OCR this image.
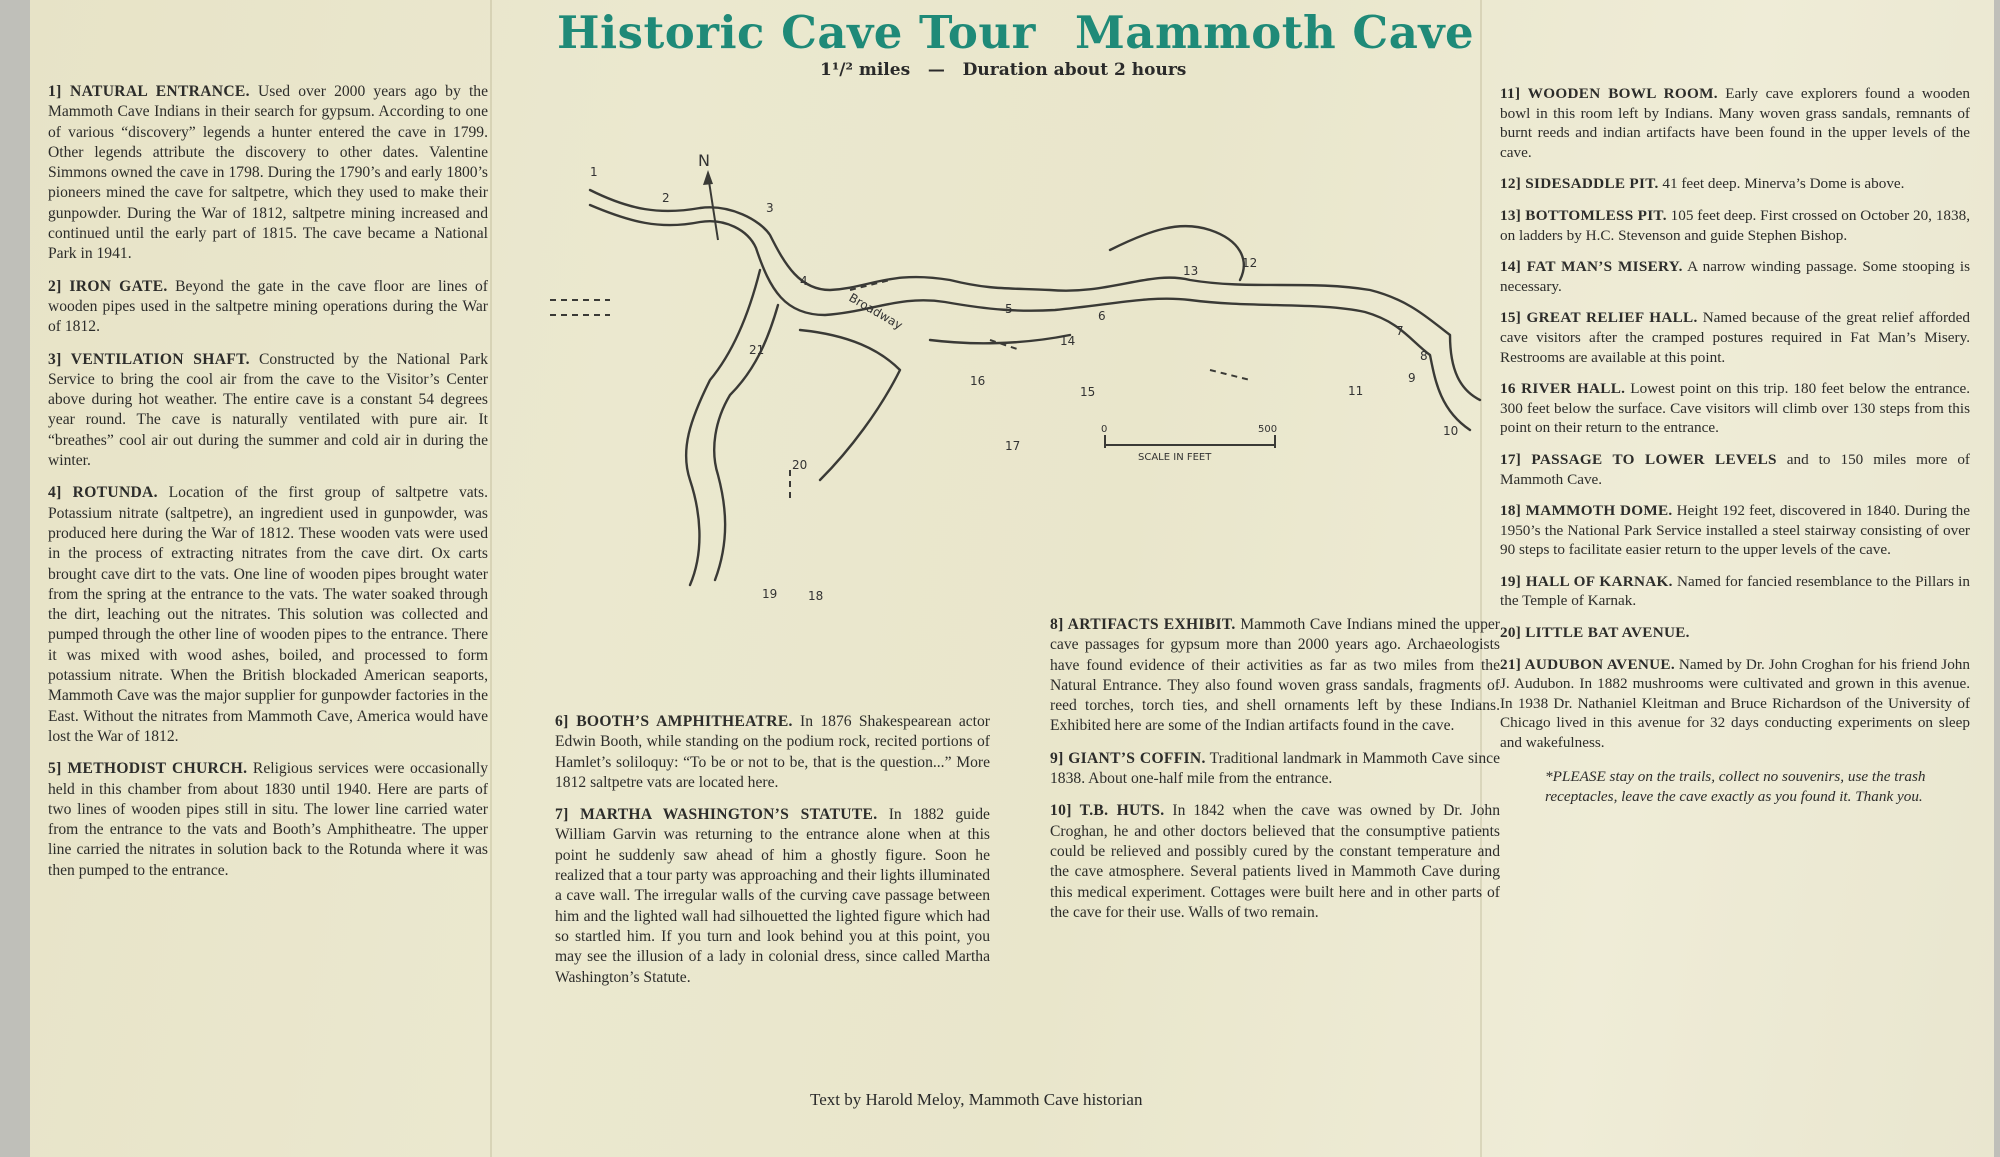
Historic Cave Tour Mammoth Cave
1¹/² miles — Duration about 2 hours

1] NATURAL ENTRANCE. Used over 2000 years ago by the Mammoth Cave Indians in their search for gypsum. According to one of various “discovery” legends a hunter entered the cave in 1799. Other legends attribute the discovery to other dates. Valentine Simmons owned the cave in 1798. During the 1790’s and early 1800’s pioneers mined the cave for saltpetre, which they used to make their gunpowder. During the War of 1812, saltpetre mining increased and continued until the early part of 1815. The cave became a National Park in 1941.

2] IRON GATE. Beyond the gate in the cave floor are lines of wooden pipes used in the saltpetre mining operations during the War of 1812.

3] VENTILATION SHAFT. Constructed by the National Park Service to bring the cool air from the cave to the Visitor’s Center above during hot weather. The entire cave is a constant 54 degrees year round. The cave is naturally ventilated with pure air. It “breathes” cool air out during the summer and cold air in during the winter.

4] ROTUNDA. Location of the first group of saltpetre vats. Potassium nitrate (saltpetre), an ingredient used in gunpowder, was produced here during the War of 1812. These wooden vats were used in the process of extracting nitrates from the cave dirt. Ox carts brought cave dirt to the vats. One line of wooden pipes brought water from the spring at the entrance to the vats. The water soaked through the dirt, leaching out the nitrates. This solution was collected and pumped through the other line of wooden pipes to the entrance. There it was mixed with wood ashes, boiled, and processed to form potassium nitrate. When the British blockaded American seaports, Mammoth Cave was the major supplier for gunpowder factories in the East. Without the nitrates from Mammoth Cave, America would have lost the War of 1812.

5] METHODIST CHURCH. Religious services were occasionally held in this chamber from about 1830 until 1940. Here are parts of two lines of wooden pipes still in situ. The lower line carried water from the entrance to the vats and Booth’s Amphitheatre. The upper line carried the nitrates in solution back to the Rotunda where it was then pumped to the entrance.

6] BOOTH’S AMPHITHEATRE. In 1876 Shakespearean actor Edwin Booth, while standing on the podium rock, recited portions of Hamlet’s soliloquy: “To be or not to be, that is the question...” More 1812 saltpetre vats are located here.

7] MARTHA WASHINGTON’S STATUTE. In 1882 guide William Garvin was returning to the entrance alone when at this point he suddenly saw ahead of him a ghostly figure. Soon he realized that a tour party was approaching and their lights illuminated a cave wall. The irregular walls of the curving cave passage between him and the lighted wall had silhouetted the lighted figure which had so startled him. If you turn and look behind you at this point, you may see the illusion of a lady in colonial dress, since called Martha Washington’s Statute.

8] ARTIFACTS EXHIBIT. Mammoth Cave Indians mined the upper cave passages for gypsum more than 2000 years ago. Archaeologists have found evidence of their activities as far as two miles from the Natural Entrance. They also found woven grass sandals, fragments of reed torches, torch ties, and shell ornaments left by these Indians. Exhibited here are some of the Indian artifacts found in the cave.

9] GIANT’S COFFIN. Traditional landmark in Mammoth Cave since 1838. About one-half mile from the entrance.

10] T.B. HUTS. In 1842 when the cave was owned by Dr. John Croghan, he and other doctors believed that the consumptive patients could be relieved and possibly cured by the constant temperature and the cave atmosphere. Several patients lived in Mammoth Cave during this medical experiment. Cottages were built here and in other parts of the cave for their use. Walls of two remain.

11] WOODEN BOWL ROOM. Early cave explorers found a wooden bowl in this room left by Indians. Many woven grass sandals, remnants of burnt reeds and indian artifacts have been found in the upper levels of the cave.

12] SIDESADDLE PIT. 41 feet deep. Minerva’s Dome is above.

13] BOTTOMLESS PIT. 105 feet deep. First crossed on October 20, 1838, on ladders by H.C. Stevenson and guide Stephen Bishop.

14] FAT MAN’S MISERY. A narrow winding passage. Some stooping is necessary.

15] GREAT RELIEF HALL. Named because of the great relief afforded cave visitors after the cramped postures required in Fat Man’s Misery. Restrooms are available at this point.

16 RIVER HALL. Lowest point on this trip. 180 feet below the entrance. 300 feet below the surface. Cave visitors will climb over 130 steps from this point on their return to the entrance.

17] PASSAGE TO LOWER LEVELS and to 150 miles more of Mammoth Cave.

18] MAMMOTH DOME. Height 192 feet, discovered in 1840. During the 1950’s the National Park Service installed a steel stairway consisting of over 90 steps to facilitate easier return to the upper levels of the cave.

19] HALL OF KARNAK. Named for fancied resemblance to the Pillars in the Temple of Karnak.

20] LITTLE BAT AVENUE.

21] AUDUBON AVENUE. Named by Dr. John Croghan for his friend John J. Audubon. In 1882 mushrooms were cultivated and grown in this avenue. In 1938 Dr. Nathaniel Kleitman and Bruce Richardson of the University of Chicago lived in this avenue for 32 days conducting experiments on sleep and wakefulness.

*PLEASE stay on the trails, collect no souvenirs, use the trash receptacles, leave the cave exactly as you found it. Thank you.

N
Broadway
0	500
SCALE IN FEET
1
2
3
4
5	6
7
8
9
10
11
12
13
14
15
16
17
18
19
20
21
Text by Harold Meloy, Mammoth Cave historian
